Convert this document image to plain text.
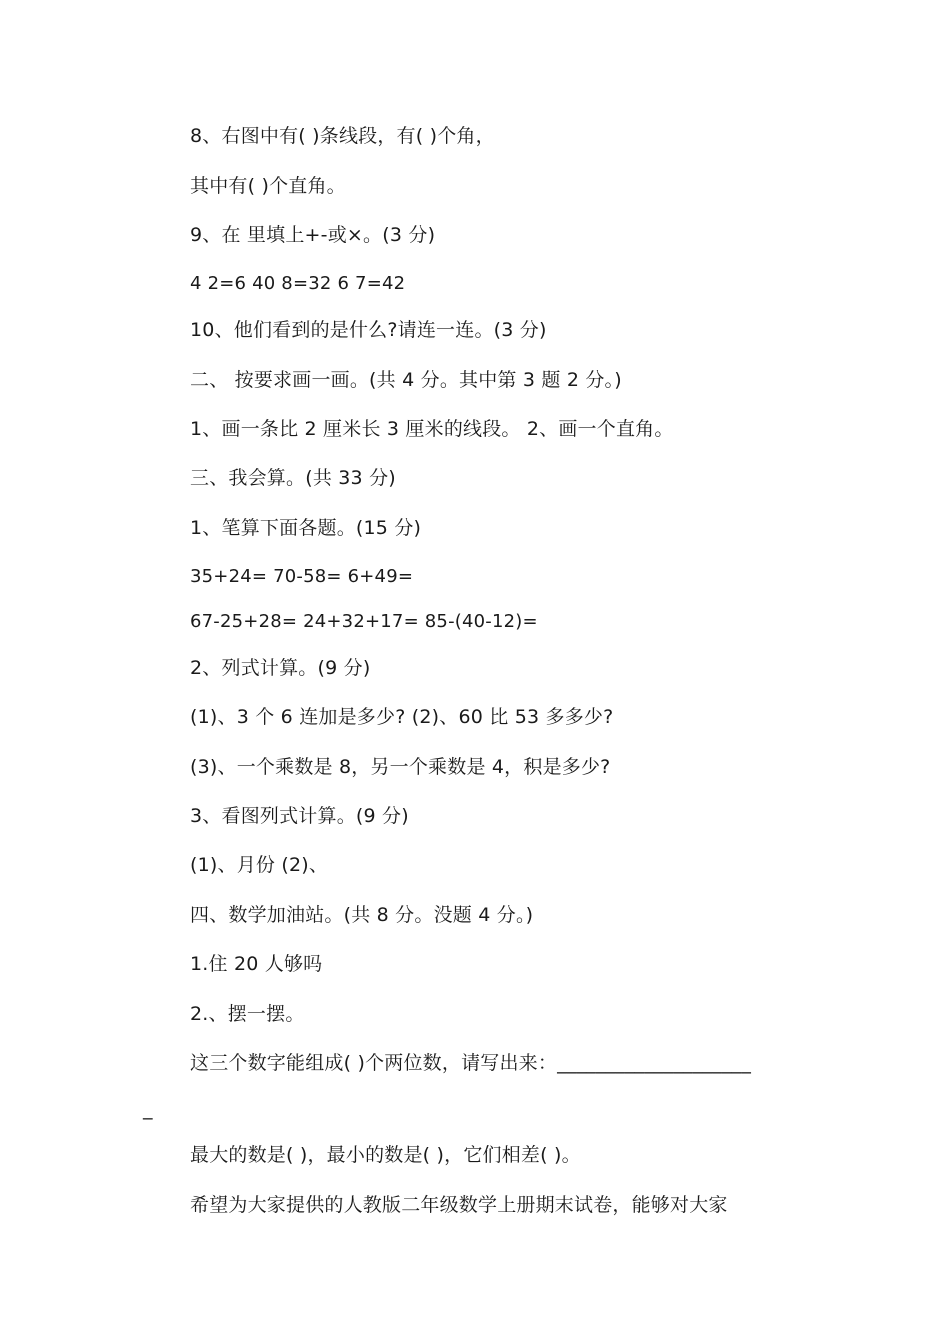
8、右图中有( )条线段，有( )个角，
其中有( )个直角。
9、在 里填上+-或×。(3 分)
4 2=6 40 8=32 6 7=42
10、他们看到的是什么?请连一连。(3 分)
二、 按要求画一画。(共 4 分。其中第 3 题 2 分。)
1、画一条比 2 厘米长 3 厘米的线段。 2、画一个直角。
三、我会算。(共 33 分)
1、笔算下面各题。(15 分)
35+24= 70-58= 6+49=
67-25+28= 24+32+17= 85-(40-12)=
2、列式计算。(9 分)
(1)、3 个 6 连加是多少? (2)、60 比 53 多多少?
(3)、一个乘数是 8，另一个乘数是 4，积是多少?
3、看图列式计算。(9 分)
(1)、月份 (2)、
四、数学加油站。(共 8 分。没题 4 分。)
1.住 20 人够吗
2.、摆一摆。
这三个数字能组成( )个两位数，请写出来：____________________
_
最大的数是( )，最小的数是( )，它们相差( )。
希望为大家提供的人教版二年级数学上册期末试卷，能够对大家
